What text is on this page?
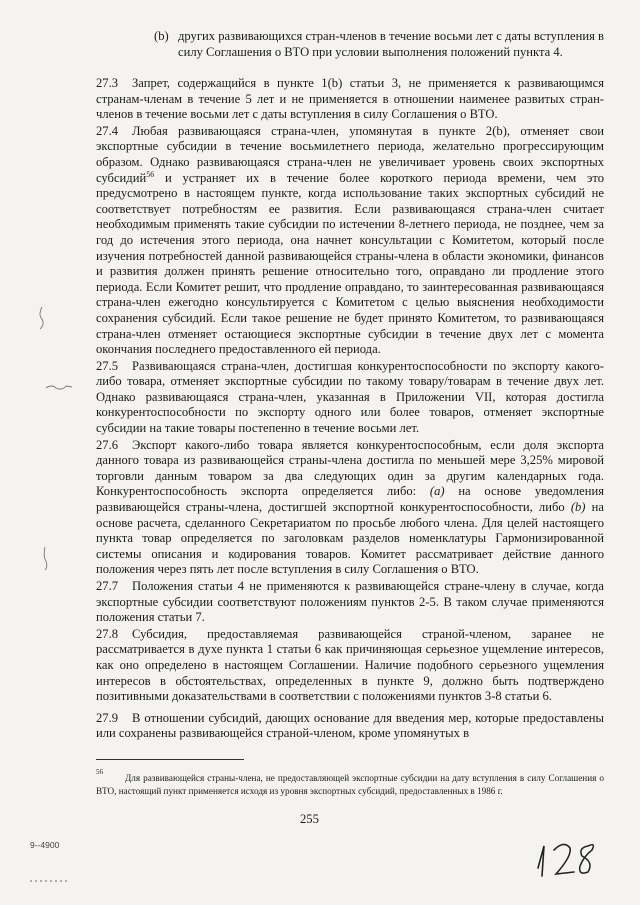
(b) других развивающихся стран-членов в течение восьми лет с даты вступления в силу Соглашения о ВТО при условии выполнения положений пункта 4.

27.3 Запрет, содержащийся в пункте 1(b) статьи 3, не применяется к развивающимся странам-членам в течение 5 лет и не применяется в отношении наименее развитых стран-членов в течение восьми лет с даты вступления в силу Соглашения о ВТО.

27.4 Любая развивающаяся страна-член, упомянутая в пункте 2(b), отменяет свои экспортные субсидии в течение восьмилетнего периода, желательно прогрессирующим образом. Однако развивающаяся страна-член не увеличивает уровень своих экспортных субсидий$^{56}$ и устраняет их в течение более короткого периода времени, чем это предусмотрено в настоящем пункте, когда использование таких экспортных субсидий не соответствует потребностям ее развития. Если развивающаяся страна-член считает необходимым применять такие субсидии по истечении 8-летнего периода, не позднее, чем за год до истечения этого периода, она начнет консультации с Комитетом, который после изучения потребностей данной развивающейся страны-члена в области экономики, финансов и развития должен принять решение относительно того, оправдано ли продление этого периода. Если Комитет решит, что продление оправдано, то заинтересованная развивающаяся страна-член ежегодно консультируется с Комитетом с целью выяснения необходимости сохранения субсидий. Если такое решение не будет принято Комитетом, то развивающаяся страна-член отменяет остающиеся экспортные субсидии в течение двух лет с момента окончания последнего предоставленного ей периода.

27.5 Развивающаяся страна-член, достигшая конкурентоспособности по экспорту какого-либо товара, отменяет экспортные субсидии по такому товару/товарам в течение двух лет. Однако развивающаяся страна-член, указанная в Приложении VII, которая достигла конкурентоспособности по экспорту одного или более товаров, отменяет экспортные субсидии на такие товары постепенно в течение восьми лет.

27.6 Экспорт какого-либо товара является конкурентоспособным, если доля экспорта данного товара из развивающейся страны-члена достигла по меньшей мере 3,25% мировой торговли данным товаром за два следующих один за другим календарных года. Конкурентоспособность экспорта определяется либо: (a) на основе уведомления развивающейся страны-члена, достигшей экспортной конкурентоспособности, либо (b) на основе расчета, сделанного Секретариатом по просьбе любого члена. Для целей настоящего пункта товар определяется по заголовкам разделов номенклатуры Гармонизированной системы описания и кодирования товаров. Комитет рассматривает действие данного положения через пять лет после вступления в силу Соглашения о ВТО.

27.7 Положения статьи 4 не применяются к развивающейся стране-члену в случае, когда экспортные субсидии соответствуют положениям пунктов 2-5. В таком случае применяются положения статьи 7.

27.8 Субсидия, предоставляемая развивающейся страной-членом, заранее не рассматривается в духе пункта 1 статьи 6 как причиняющая серьезное ущемление интересов, как оно определено в настоящем Соглашении. Наличие подобного серьезного ущемления интересов в обстоятельствах, определенных в пункте 9, должно быть подтверждено позитивными доказательствами в соответствии с положениями пунктов 3-8 статьи 6.

27.9 В отношении субсидий, дающих основание для введения мер, которые предоставлены или сохранены развивающейся страной-членом, кроме упомянутых в

$^{56}$Для развивающейся страны-члена, не предоставляющей экспортные субсидии на дату вступления в силу Соглашения о ВТО, настоящий пункт применяется исходя из уровня экспортных субсидий, предоставленных в 1986 г.
255
9--4900
